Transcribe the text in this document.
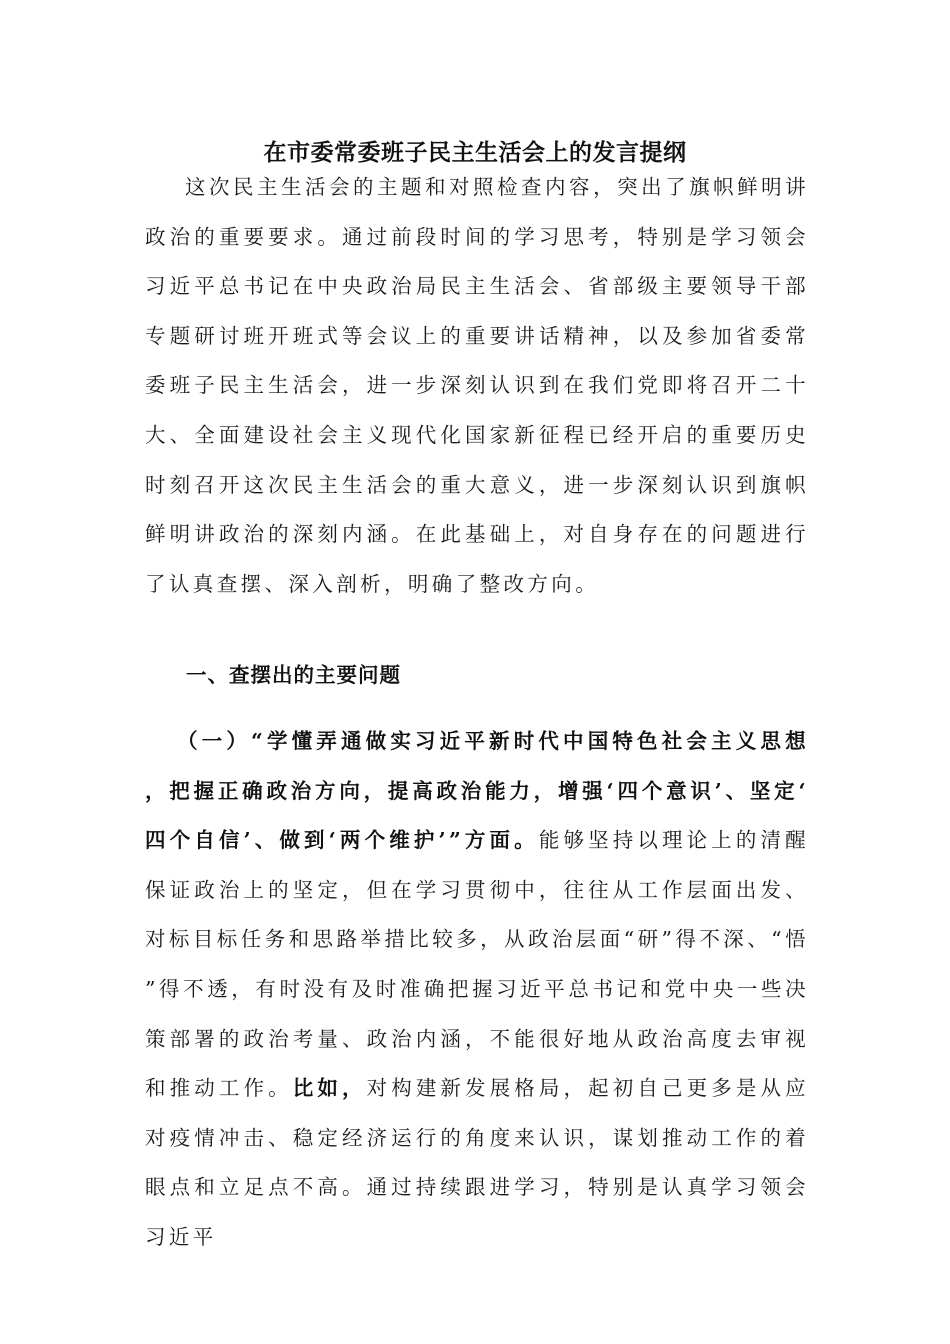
在市委常委班子民主生活会上的发言提纲
这次民主生活会的主题和对照检查内容，突出了旗帜鲜明讲政治的重要要求。通过前段时间的学习思考，特别是学习领会习近平总书记在中央政治局民主生活会、省部级主要领导干部专题研讨班开班式等会议上的重要讲话精神，以及参加省委常委班子民主生活会，进一步深刻认识到在我们党即将召开二十大、全面建设社会主义现代化国家新征程已经开启的重要历史时刻召开这次民主生活会的重大意义，进一步深刻认识到旗帜鲜明讲政治的深刻内涵。在此基础上，对自身存在的问题进行了认真查摆、深入剖析，明确了整改方向。
一、查摆出的主要问题
（一）“学懂弄通做实习近平新时代中国特色社会主义思想，把握正确政治方向，提高政治能力，增强‘四个意识’、坚定‘四个自信’、做到‘两个维护’”方面。能够坚持以理论上的清醒保证政治上的坚定，但在学习贯彻中，往往从工作层面出发、对标目标任务和思路举措比较多，从政治层面“研”得不深、“悟”得不透，有时没有及时准确把握习近平总书记和党中央一些决策部署的政治考量、政治内涵，不能很好地从政治高度去审视和推动工作。比如，对构建新发展格局，起初自己更多是从应对疫情冲击、稳定经济运行的角度来认识，谋划推动工作的着眼点和立足点不高。通过持续跟进学习，特别是认真学习领会习近平
